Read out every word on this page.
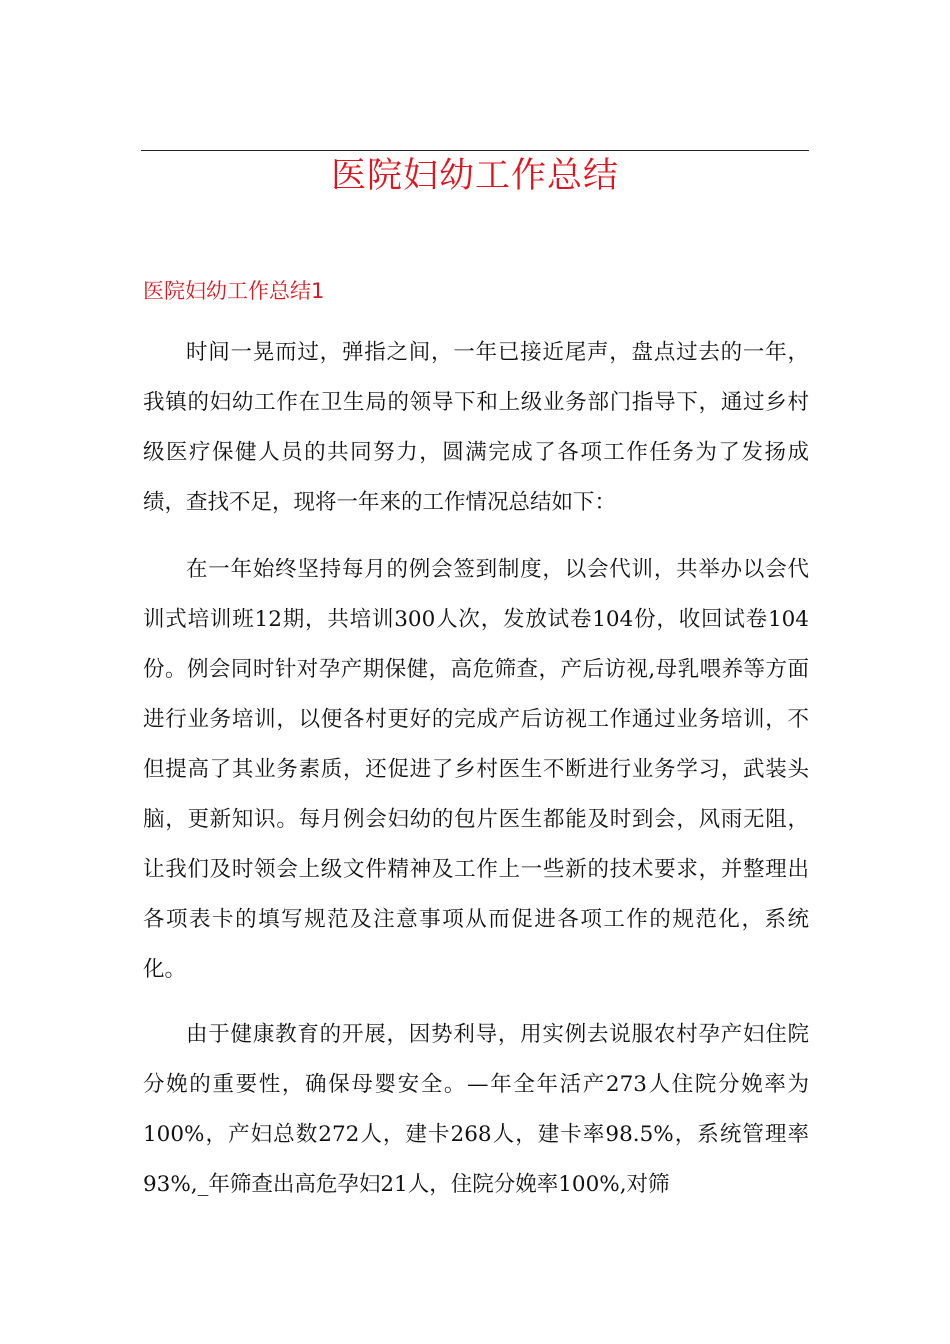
医院妇幼工作总结
医院妇幼工作总结1

时间一晃而过，弹指之间，一年已接近尾声，盘点过去的一年，我镇的妇幼工作在卫生局的领导下和上级业务部门指导下，通过乡村级医疗保健人员的共同努力，圆满完成了各项工作任务为了发扬成绩，查找不足，现将一年来的工作情况总结如下：

在一年始终坚持每月的例会签到制度，以会代训，共举办以会代训式培训班12期，共培训300人次，发放试卷104份，收回试卷104份。例会同时针对孕产期保健，高危筛查，产后访视,母乳喂养等方面进行业务培训，以便各村更好的完成产后访视工作通过业务培训，不但提高了其业务素质，还促进了乡村医生不断进行业务学习，武装头脑，更新知识。每月例会妇幼的包片医生都能及时到会，风雨无阻，让我们及时领会上级文件精神及工作上一些新的技术要求，并整理出各项表卡的填写规范及注意事项从而促进各项工作的规范化，系统化。

由于健康教育的开展，因势利导，用实例去说服农村孕产妇住院分娩的重要性，确保母婴安全。—年全年活产273人住院分娩率为100%，产妇总数272人，建卡268人，建卡率98.5%，系统管理率93%,_年筛查出高危孕妇21人，住院分娩率100%,对筛
